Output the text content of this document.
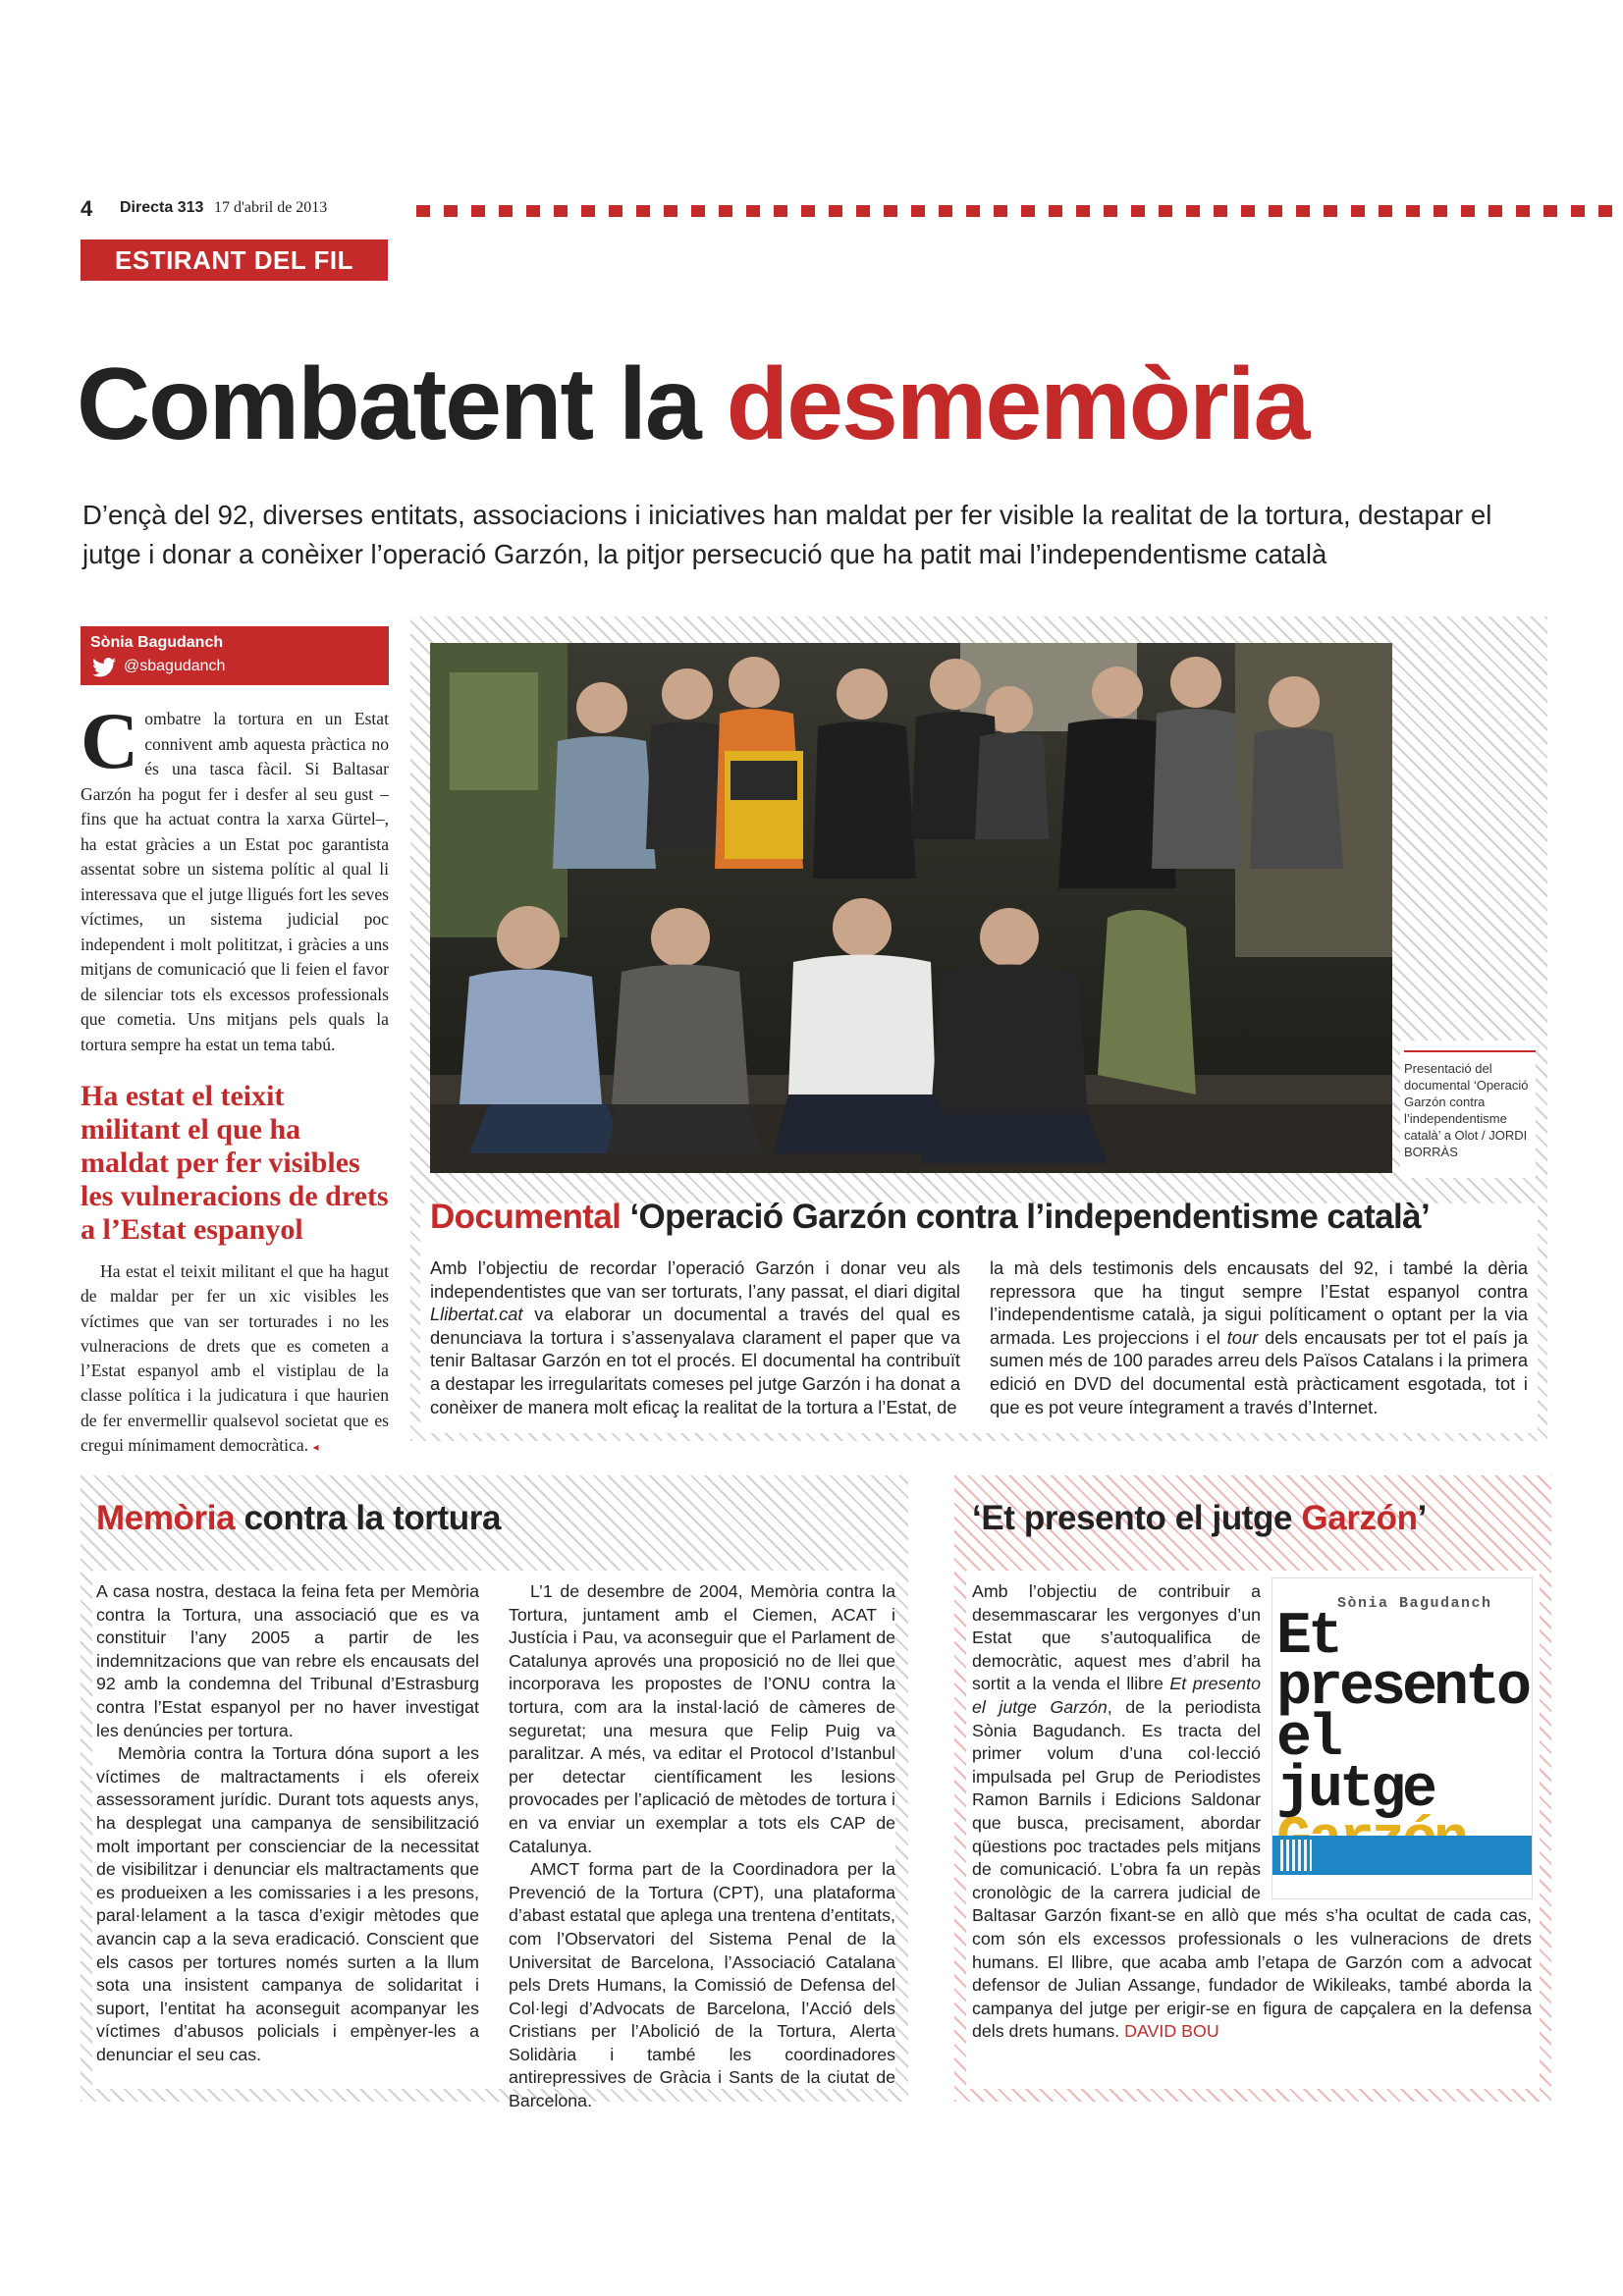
4 Directa 313 17 d'abril de 2013
ESTIRANT DEL FIL
Combatent la desmemòria
D’ençà del 92, diverses entitats, associacions i iniciatives han maldat per fer visible la realitat de la tortura, destapar el jutge i donar a conèixer l’operació Garzón, la pitjor persecució que ha patit mai l’independentisme català
Sònia Bagudanch
@sbagudanch
Combatre la tortura en un Estat connivent amb aquesta pràctica no és una tasca fàcil. Si Baltasar Garzón ha pogut fer i desfer al seu gust –fins que ha actuat contra la xarxa Gürtel–, ha estat gràcies a un Estat poc garantista assentat sobre un sistema polític al qual li interessava que el jutge lligués fort les seves víctimes, un sistema judicial poc independent i molt polititzat, i gràcies a uns mitjans de comunicació que li feien el favor de silenciar tots els excessos professionals que cometia. Uns mitjans pels quals la tortura sempre ha estat un tema tabú.
Ha estat el teixit militant el que ha maldat per fer visibles les vulneracions de drets a l’Estat espanyol
Ha estat el teixit militant el que ha hagut de maldar per fer un xic visibles les víctimes que van ser torturades i no les vulneracions de drets que es cometen a l’Estat espanyol amb el vistiplau de la classe política i la judicatura i que haurien de fer envermellir qualsevol societat que es cregui mínimament democràtica. ◂
Presentació del documental ‘Operació Garzón contra l’independentisme català’ a Olot / JORDI BORRÀS
Documental ‘Operació Garzón contra l’independentisme català’
Amb l’objectiu de recordar l’operació Garzón i donar veu als independentistes que van ser torturats, l’any passat, el diari digital Llibertat.cat va elaborar un documental a través del qual es denunciava la tortura i s’assenyalava clarament el paper que va tenir Baltasar Garzón en tot el procés. El documental ha contribuït a destapar les irregularitats comeses pel jutge Garzón i ha donat a conèixer de manera molt eficaç la realitat de la tortura a l’Estat, de
la mà dels testimonis dels encausats del 92, i també la dèria repressora que ha tingut sempre l’Estat espanyol contra l’independentisme català, ja sigui políticament o optant per la via armada. Les projeccions i el tour dels encausats per tot el país ja sumen més de 100 parades arreu dels Països Catalans i la primera edició en DVD del documental està pràcticament esgotada, tot i que es pot veure íntegrament a través d’Internet.
Memòria contra la tortura
A casa nostra, destaca la feina feta per Memòria contra la Tortura, una associació que es va constituir l’any 2005 a partir de les indemnitzacions que van rebre els encausats del 92 amb la condemna del Tribunal d’Estrasburg contra l’Estat espanyol per no haver investigat les denúncies per tortura.
Memòria contra la Tortura dóna suport a les víctimes de maltractaments i els ofereix assessorament jurídic. Durant tots aquests anys, ha desplegat una campanya de sensibilització molt important per conscienciar de la necessitat de visibilitzar i denunciar els maltractaments que es produeixen a les comissaries i a les presons, paral·lelament a la tasca d’exigir mètodes que avancin cap a la seva eradicació. Conscient que els casos per tortures només surten a la llum sota una insistent campanya de solidaritat i suport, l’entitat ha aconseguit acompanyar les víctimes d’abusos policials i empènyer-les a denunciar el seu cas.
L’1 de desembre de 2004, Memòria contra la Tortura, juntament amb el Ciemen, ACAT i Justícia i Pau, va aconseguir que el Parlament de Catalunya aprovés una proposició no de llei que incorporava les propostes de l’ONU contra la tortura, com ara la instal·lació de càmeres de seguretat; una mesura que Felip Puig va paralitzar. A més, va editar el Protocol d’Istanbul per detectar científicament les lesions provocades per l’aplicació de mètodes de tortura i en va enviar un exemplar a tots els CAP de Catalunya.
AMCT forma part de la Coordinadora per la Prevenció de la Tortura (CPT), una plataforma d’abast estatal que aplega una trentena d’entitats, com l’Observatori del Sistema Penal de la Universitat de Barcelona, l’Associació Catalana pels Drets Humans, la Comissió de Defensa del Col·legi d’Advocats de Barcelona, l’Acció dels Cristians per l’Abolició de la Tortura, Alerta Solidària i també les coordinadores antirepressives de Gràcia i Sants de la ciutat de Barcelona.
‘Et presento el jutge Garzón’
Sònia Bagudanch
Et
presento
el
jutge
Amb l’objectiu de contribuir a desemmascarar les vergonyes d’un Estat que s’autoqualifica de democràtic, aquest mes d’abril ha sortit a la venda el llibre Et presento el jutge Garzón, de la periodista Sònia Bagudanch. Es tracta del primer volum d’una col·lecció impulsada pel Grup de Periodistes Ramon Barnils i Edicions Saldonar que busca, precisament, abordar qüestions poc tractades pels mitjans de comunicació. L’obra fa un repàs cronològic de la carrera judicial de Baltasar Garzón fixant-se en allò que més s’ha ocultat de cada cas, com són els excessos professionals o les vulneracions de drets humans. El llibre, que acaba amb l’etapa de Garzón com a advocat defensor de Julian Assange, fundador de Wikileaks, també aborda la campanya del jutge per erigir-se en figura de capçalera en la defensa dels drets humans. DAVID BOU
